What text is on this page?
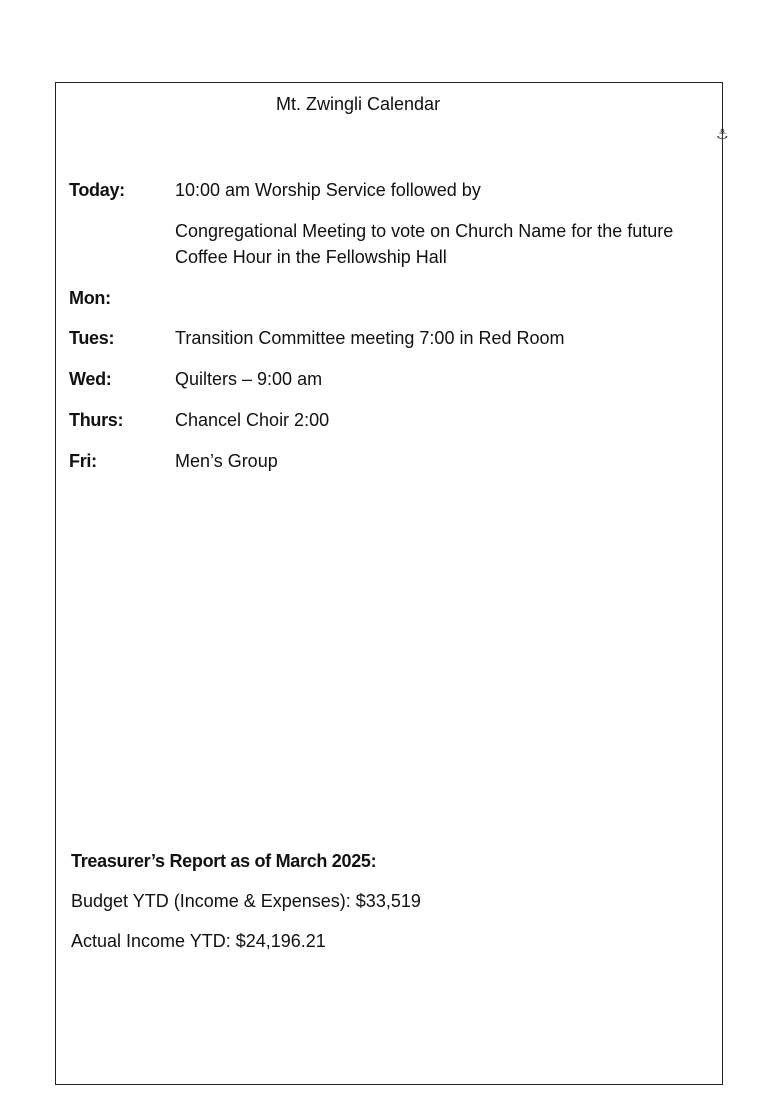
Mt. Zwingli Calendar
⚓
Today:	10:00 am Worship Service followed by
Congregational Meeting to vote on Church Name for the future
Coffee Hour in the Fellowship Hall
Mon:
Tues:	Transition Committee meeting 7:00 in Red Room
Wed:	Quilters – 9:00 am
Thurs:	Chancel Choir 2:00
Fri:	Men’s Group
Treasurer’s Report as of March 2025:
Budget YTD (Income & Expenses): $33,519
Actual Income YTD: $24,196.21
